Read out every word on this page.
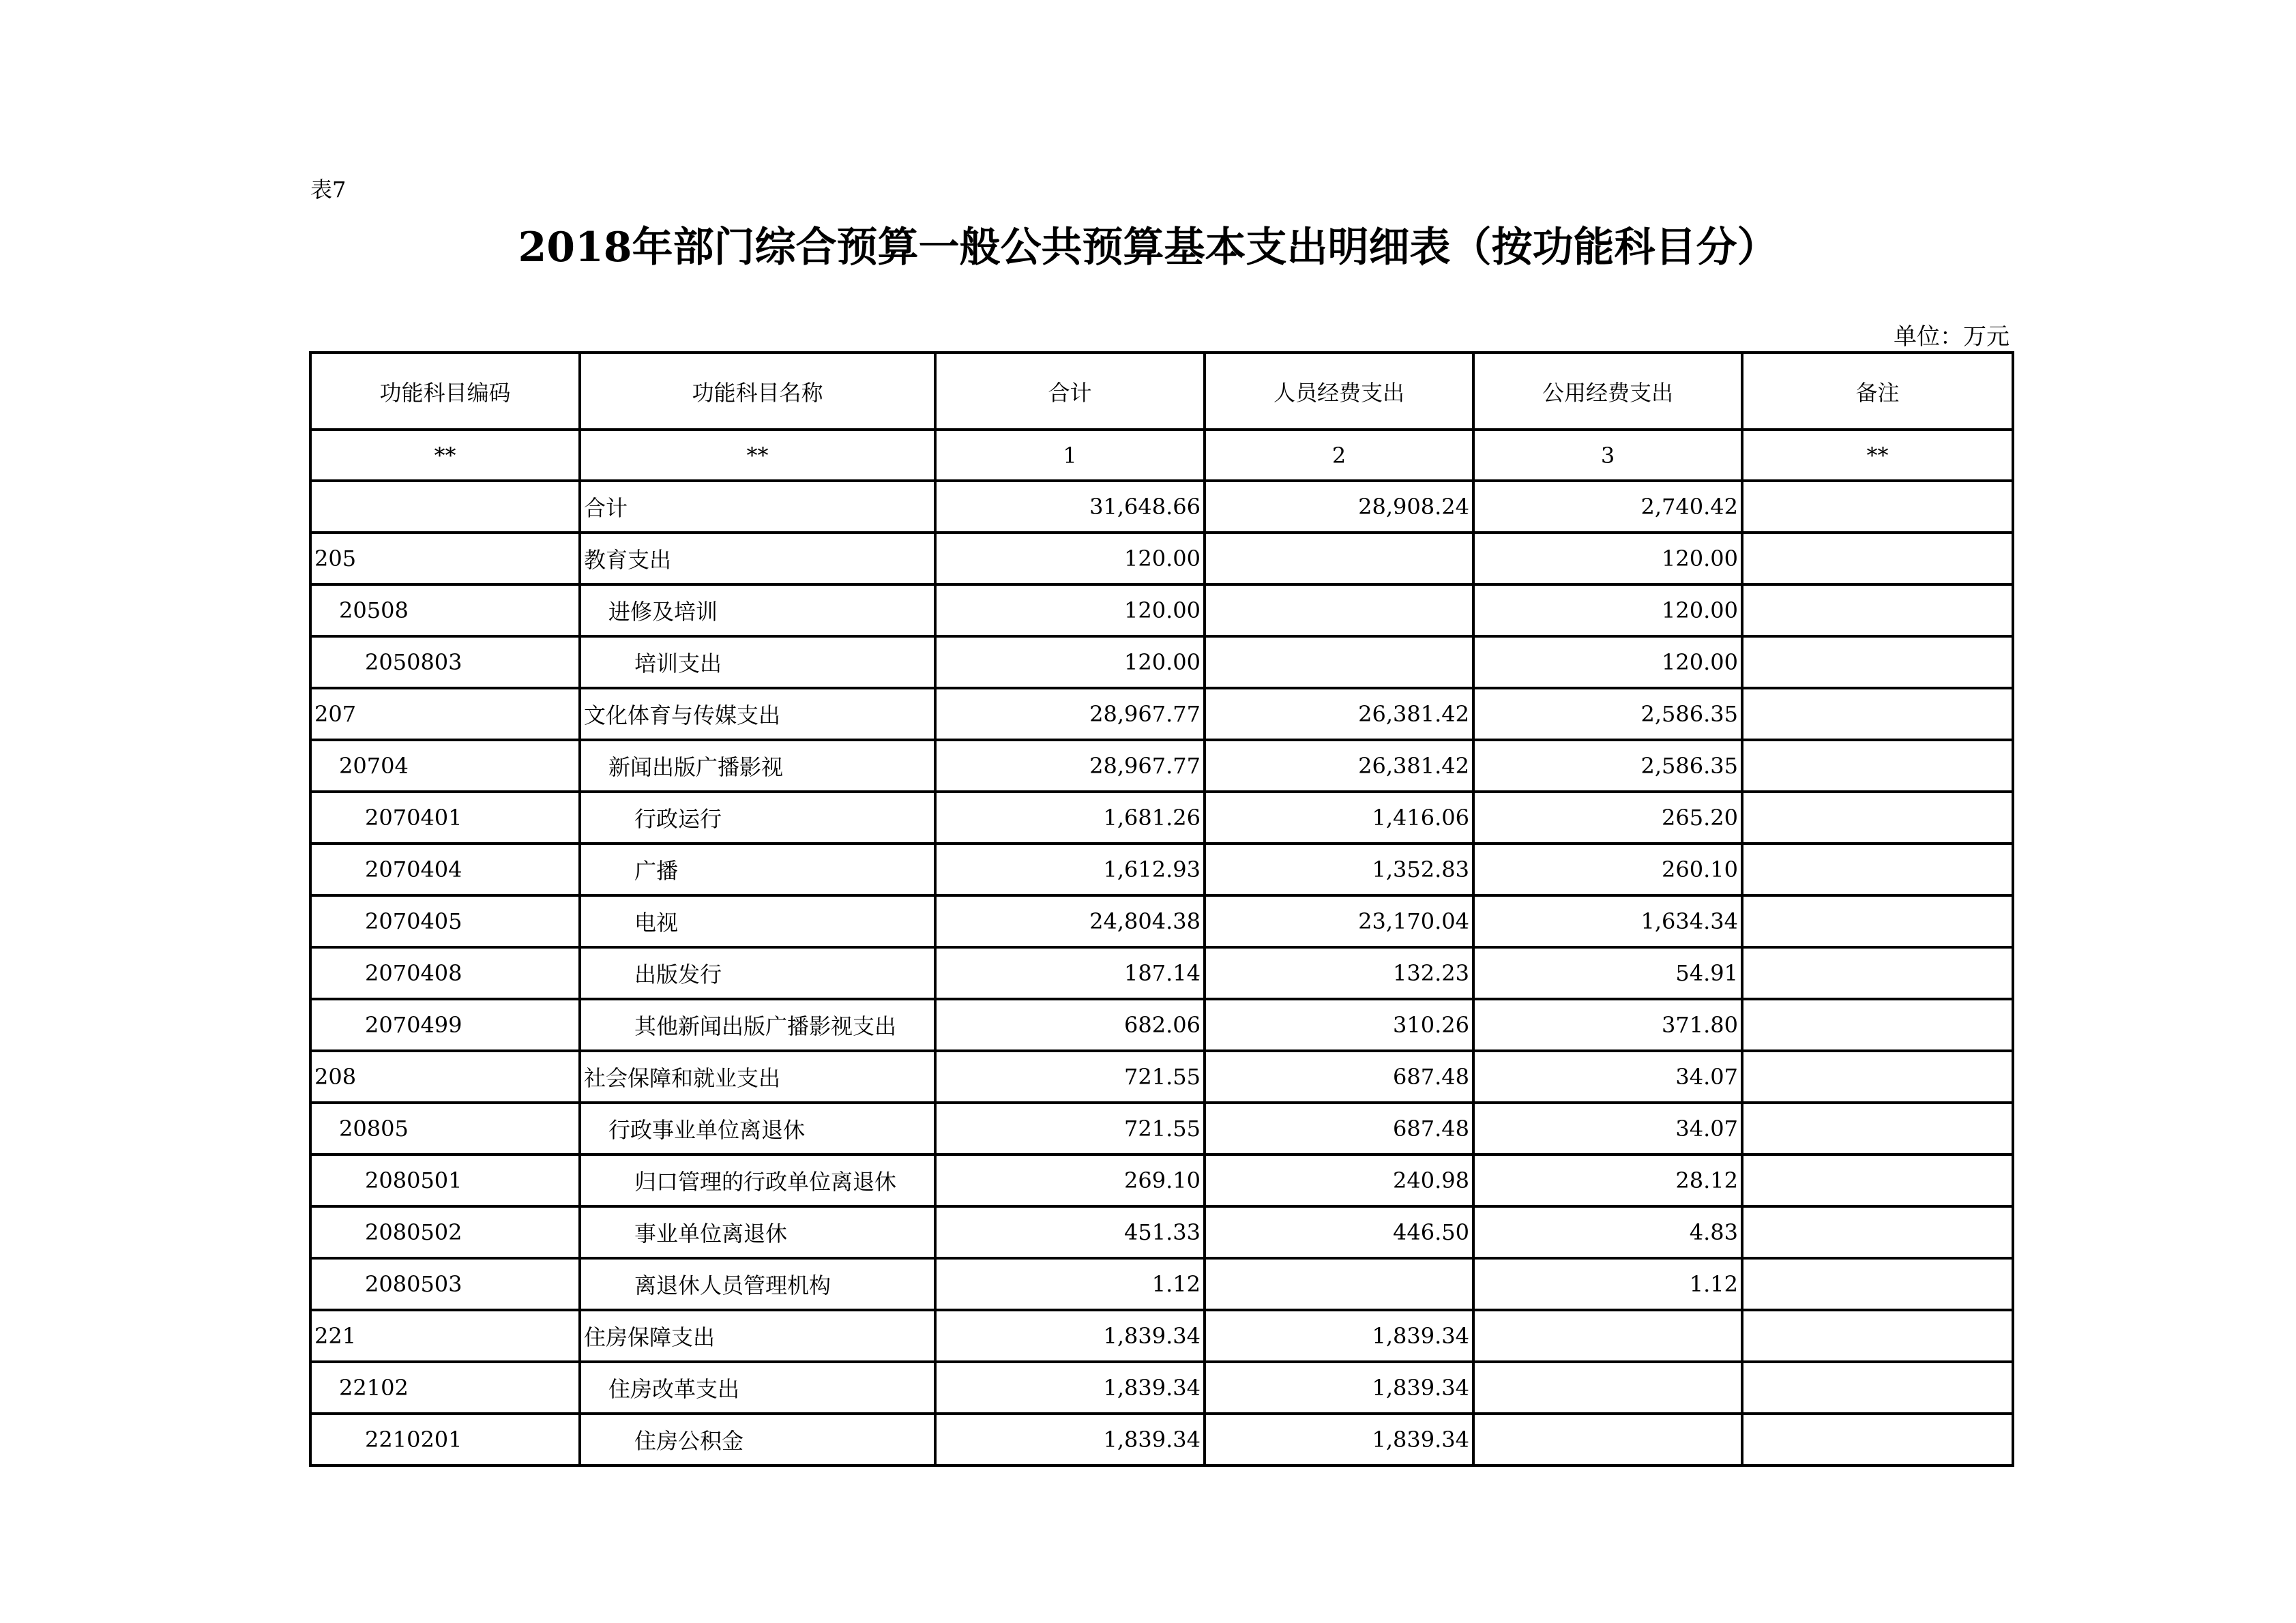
表7
2018年部门综合预算一般公共预算基本支出明细表（按功能科目分）
单位：万元
功能科目编码	功能科目名称	合计	人员经费支出	公用经费支出	备注
**	**	1	2	3	**
	合计	31,648.66	28,908.24	2,740.42	
205	教育支出	120.00		120.00	
20508	进修及培训	120.00		120.00	
2050803	培训支出	120.00		120.00	
207	文化体育与传媒支出	28,967.77	26,381.42	2,586.35	
20704	新闻出版广播影视	28,967.77	26,381.42	2,586.35	
2070401	行政运行	1,681.26	1,416.06	265.20	
2070404	广播	1,612.93	1,352.83	260.10	
2070405	电视	24,804.38	23,170.04	1,634.34	
2070408	出版发行	187.14	132.23	54.91	
2070499	其他新闻出版广播影视支出	682.06	310.26	371.80	
208	社会保障和就业支出	721.55	687.48	34.07	
20805	行政事业单位离退休	721.55	687.48	34.07	
2080501	归口管理的行政单位离退休	269.10	240.98	28.12	
2080502	事业单位离退休	451.33	446.50	4.83	
2080503	离退休人员管理机构	1.12		1.12	
221	住房保障支出	1,839.34	1,839.34		
22102	住房改革支出	1,839.34	1,839.34		
2210201	住房公积金	1,839.34	1,839.34		
